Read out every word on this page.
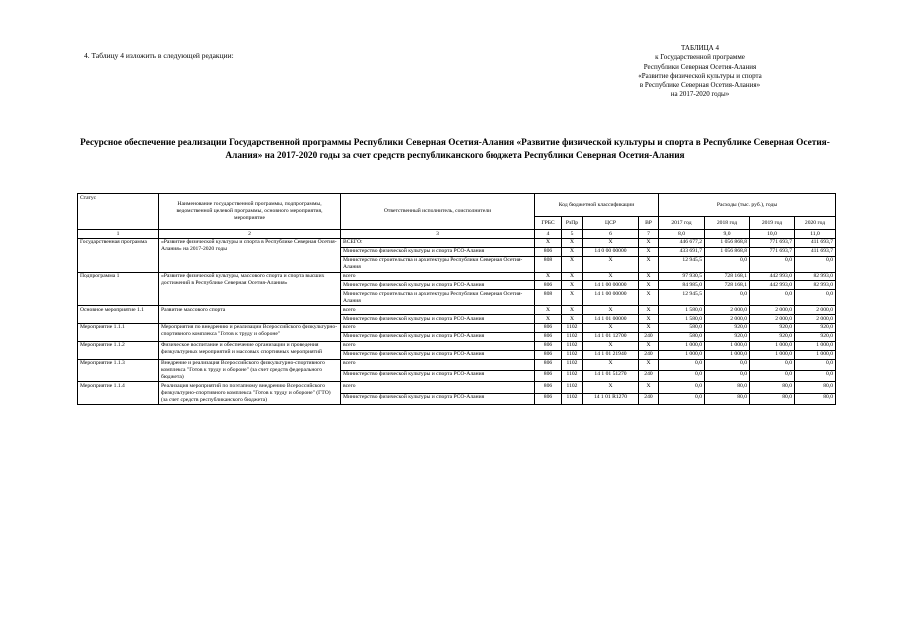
4. Таблицу 4 изложить в следующей редакции:
ТАБЛИЦА 4
к Государственной программе
Республики Северная Осетия-Алания
«Развитие физической культуры и спорта
в Республике Северная Осетия-Алания»
на 2017-2020 годы»
Ресурсное обеспечение реализации Государственной программы Республики Северная Осетия-Алания «Развитие физической культуры и спорта в Республике Северная Осетия-Алания» на 2017-2020 годы за счет средств республиканского бюджета Республики Северная Осетия-Алания
Статус	Наименование государственной программы, подпрограммы, ведомственной целевой программы, основного мероприятия, мероприятие	Ответственный исполнитель, соисполнители	Код бюджетной классификации				Расходы (тыс. руб.), годы			
			ГРБС	РзПр	ЦСР	ВР	2017 год	2018 год	2019 год	2020 год
1	2	3	4	5	6	7	8,0	9,0	10,0	11,0
Государственная программа	«Развитие физической культуры и спорта в Республике Северная Осетия-Алания» на 2017-2020 годы	ВСЕГО:	Х	Х	Х	Х	446 677,2	1 056 868,8	771 693,7	411 693,7
		Министерство физической культуры и спорта РСО-Алания	806	Х	14 0 00 00000	Х	433 691,7	1 056 868,8	771 693,7	411 693,7
		Министерство строительства и архитектуры Республики Северная Осетия-Алания	808	Х	Х	Х	12 945,5	0,0	0,0	0,0
Подпрограмма 1	«Развитие физической культуры, массового спорта и спорта высших достижений в Республике Северная Осетия-Алания»	всего	Х	Х	Х	Х	97 930,5	728 168,1	442 993,0	82 993,0
		Министерство физической культуры и спорта РСО-Алания	806	Х	14 1 00 00000	Х	84 985,0	728 168,1	442 993,0	82 993,0
		Министерство строительства и архитектуры Республики Северная Осетия-Алания	808	Х	14 1 00 00000	Х	12 945,5	0,0	0,0	0,0
Основное мероприятие 1.1	Развитие массового спорта	всего	Х	Х	Х	Х	1 580,0	2 000,0	2 000,0	2 000,0
		Министерство физической культуры и спорта РСО-Алания	Х	Х	14 1 01 00000	Х	1 580,0	2 000,0	2 000,0	2 000,0
Мероприятие 1.1.1	Мероприятия по внедрению и реализации Всероссийского физкультурно-спортивного комплекса "Готов к труду и обороне"	всего	806	1102	Х	Х	580,0	920,0	920,0	920,0
		Министерство физической культуры и спорта РСО-Алания	806	1102	14 1 01 12700	240	580,0	920,0	920,0	920,0
Мероприятие 1.1.2	Физическое воспитание и обеспечение организации и проведения физкультурных мероприятий и массовых спортивных мероприятий	всего	806	1102	Х	Х	1 000,0	1 000,0	1 000,0	1 000,0
		Министерство физической культуры и спорта РСО-Алания	806	1102	14 1 01 21940	240	1 000,0	1 000,0	1 000,0	1 000,0
Мероприятие 1.1.3	Внедрение и реализация Всероссийского физкультурно-спортивного комплекса "Готов к труду и обороне" (за счет средств федерального бюджета)	всего	806	1102	Х	Х	0,0	0,0	0,0	0,0
		Министерство физической культуры и спорта РСО-Алания	806	1102	14 1 01 51270	240	0,0	0,0	0,0	0,0
Мероприятие 1.1.4	Реализация мероприятий по поэтапному внедрению Всероссийского физкультурно-спортивного комплекса "Готов к труду и обороне" (ГТО) (за счет средств республиканского бюджета)	всего	806	1102	Х	Х	0,0	80,0	80,0	80,0
		Министерство физической культуры и спорта РСО-Алания	806	1102	14 1 01 R1270	240	0,0	80,0	80,0	80,0
